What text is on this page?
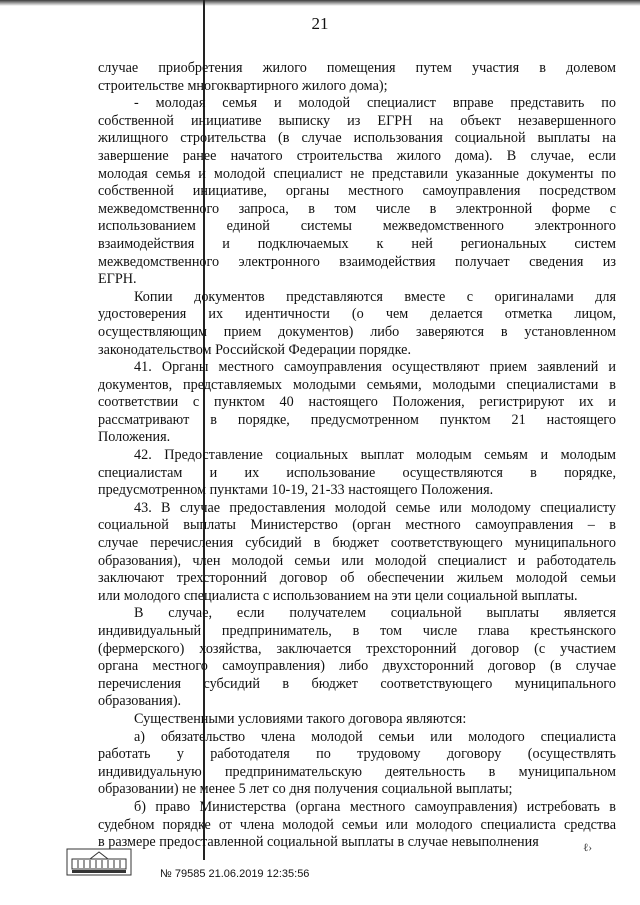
21

случае приобретения жилого помещения путем участия в долевом

строительстве многоквартирного жилого дома);

- молодая семья и молодой специалист вправе представить по

собственной инициативе выписку из ЕГРН на объект незавершенного

жилищного строительства (в случае использования социальной выплаты на

завершение ранее начатого строительства жилого дома). В случае, если

молодая семья и молодой специалист не представили указанные документы по

собственной инициативе, органы местного самоуправления посредством

межведомственного запроса, в том числе в электронной форме с

использованием единой системы межведомственного электронного

взаимодействия и подключаемых к ней региональных систем

межведомственного электронного взаимодействия получает сведения из

ЕГРН.

Копии документов представляются вместе с оригиналами для

удостоверения их идентичности (о чем делается отметка лицом,

осуществляющим прием документов) либо заверяются в установленном

законодательством Российской Федерации порядке.

41. Органы местного самоуправления осуществляют прием заявлений и

документов, представляемых молодыми семьями, молодыми специалистами в

соответствии с пунктом 40 настоящего Положения, регистрируют их и

рассматривают в порядке, предусмотренном пунктом 21 настоящего

Положения.

42. Предоставление социальных выплат молодым семьям и молодым

специалистам и их использование осуществляются в порядке,

предусмотренном пунктами 10-19, 21-33 настоящего Положения.

43. В случае предоставления молодой семье или молодому специалисту

социальной выплаты Министерство (орган местного самоуправления – в

случае перечисления субсидий в бюджет соответствующего муниципального

образования), член молодой семьи или молодой специалист и работодатель

заключают трехсторонний договор об обеспечении жильем молодой семьи

или молодого специалиста с использованием на эти цели социальной выплаты.

В случае, если получателем социальной выплаты является

индивидуальный предприниматель, в том числе глава крестьянского

(фермерского) хозяйства, заключается трехсторонний договор (с участием

органа местного самоуправления) либо двухсторонний договор (в случае

перечисления субсидий в бюджет соответствующего муниципального

образования).

Существенными условиями такого договора являются:

а) обязательство члена молодой семьи или молодого специалиста

работать у работодателя по трудовому договору (осуществлять

индивидуальную предпринимательскую деятельность в муниципальном

образовании) не менее 5 лет со дня получения социальной выплаты;

б) право Министерства (органа местного самоуправления) истребовать в

судебном порядке от члена молодой семьи или молодого специалиста средства

в размере предоставленной социальной выплаты в случае невыполнения

№ 79585 21.06.2019 12:35:56
ℓ›
